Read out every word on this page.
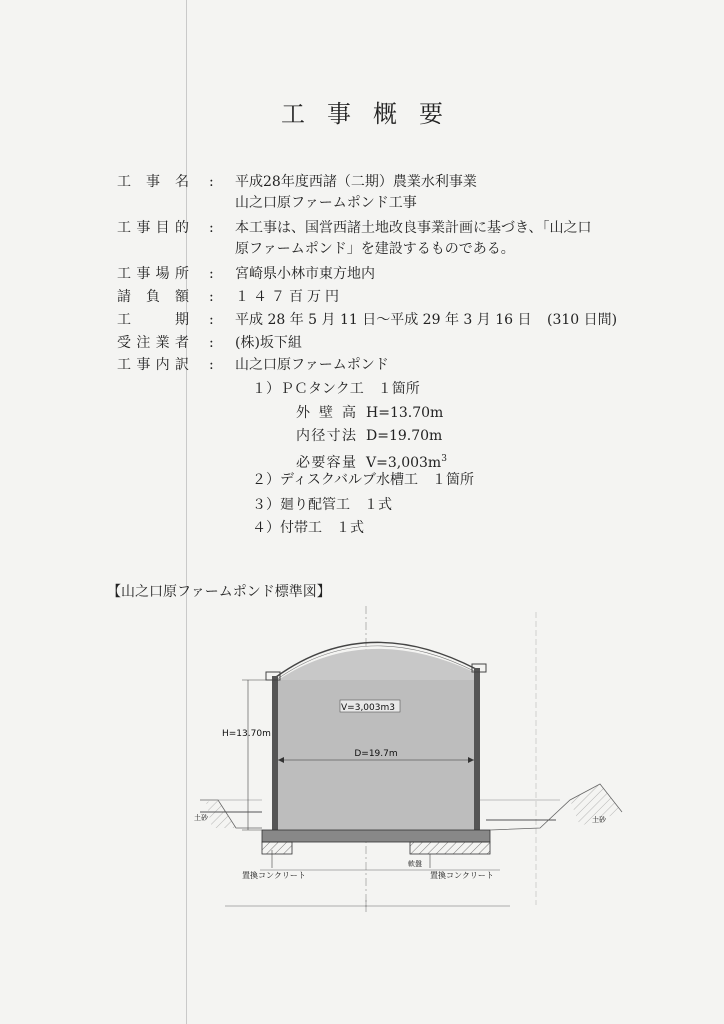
工事概要
工事名 : 平成28年度西諸（二期）農業水利事業
山之口原ファームポンド工事
工事目的 : 本工事は、国営西諸土地改良事業計画に基づき、「山之口
原ファームポンド」を建設するものである。
工事場所 : 宮崎県小林市東方地内
請負額 : １４７百万円
工期 : 平成 28 年 5 月 11 日～平成 29 年 3 月 16 日 (310 日間)
受注業者 : (株)坂下組
工事内訳 : 山之口原ファームポンド
１）ＰＣタンク工　１箇所
外壁高 H=13.70m
内径寸法 D=19.70m
必要容量 $V=3,003m^3$
２）ディスクバルブ水槽工　１箇所
３）廻り配管工　１式
４）付帯工　１式
【山之口原ファームポンド標準図】
V=3,003m3
D=19.7m
H=13.70m
土砂	土砂
置換コンクリート
軟盤
置換コンクリート
